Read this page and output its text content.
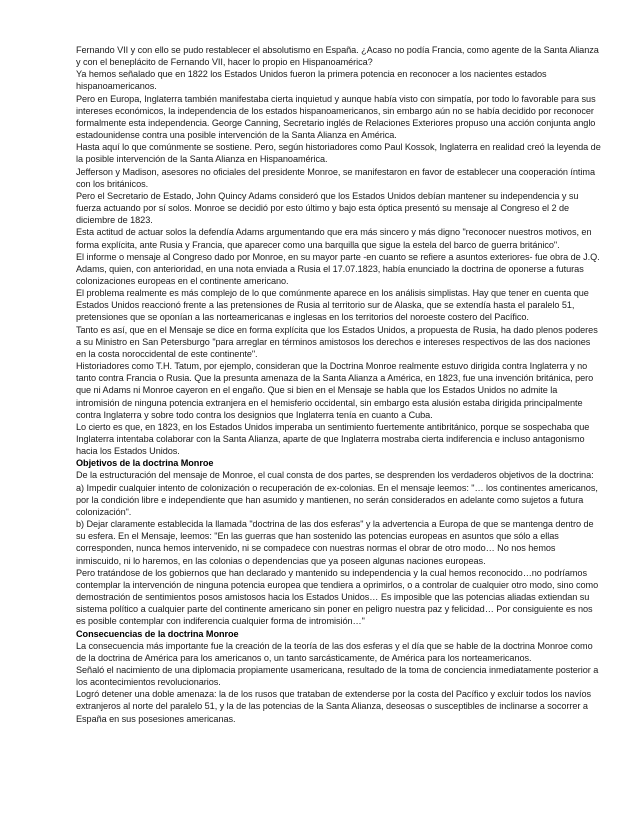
Fernando VII y con ello se pudo restablecer el absolutismo en España. ¿Acaso no podía Francia, como agente de la Santa Alianza y con el beneplácito de Fernando VII, hacer lo propio en Hispanoamérica?

Ya hemos señalado que en 1822 los Estados Unidos fueron la primera potencia en reconocer a los nacientes estados hispanoamericanos.

Pero en Europa, Inglaterra también manifestaba cierta inquietud y aunque había visto con simpatía, por todo lo favorable para sus intereses económicos, la independencia de los estados hispanoamericanos, sin embargo aún no se había decidido por reconocer formalmente esta independencia. George Canning, Secretario inglés de Relaciones Exteriores propuso una acción conjunta anglo estadounidense contra una posible intervención de la Santa Alianza en América.

Hasta aquí lo que comúnmente se sostiene. Pero, según historiadores como Paul Kossok, Inglaterra en realidad creó la leyenda de la posible intervención de la Santa Alianza en Hispanoamérica.

Jefferson y Madison, asesores no oficiales del presidente Monroe, se manifestaron en favor de establecer una cooperación íntima con los británicos.

Pero el Secretario de Estado, John Quincy Adams consideró que los Estados Unidos debían mantener su independencia y su fuerza actuando por sí solos. Monroe se decidió por esto último y bajo esta óptica presentó su mensaje al Congreso el 2 de diciembre de 1823.

Esta actitud de actuar solos la defendía Adams argumentando que era más sincero y más digno "reconocer nuestros motivos, en forma explícita, ante Rusia y Francia, que aparecer como una barquilla que sigue la estela del barco de guerra británico".

El informe o mensaje al Congreso dado por Monroe, en su mayor parte -en cuanto se refiere a asuntos exteriores- fue obra de J.Q. Adams, quien, con anterioridad, en una nota enviada a Rusia el 17.07.1823, había enunciado la doctrina de oponerse a futuras colonizaciones europeas en el continente americano.

El problema realmente es más complejo de lo que comúnmente aparece en los análisis simplistas. Hay que tener en cuenta que Estados Unidos reaccionó frente a las pretensiones de Rusia al territorio sur de Alaska, que se extendía hasta el paralelo 51, pretensiones que se oponían a las norteamericanas e inglesas en los territorios del noroeste costero del Pacífico.

Tanto es así, que en el Mensaje se dice en forma explícita que los Estados Unidos, a propuesta de Rusia, ha dado plenos poderes a su Ministro en San Petersburgo "para arreglar en términos amistosos los derechos e intereses respectivos de las dos naciones en la costa noroccidental de este continente".

Historiadores como T.H. Tatum, por ejemplo, consideran que la Doctrina Monroe realmente estuvo dirigida contra Inglaterra y no tanto contra Francia o Rusia. Que la presunta amenaza de la Santa Alianza a América, en 1823, fue una invención británica, pero que ni Adams ni Monroe cayeron en el engaño. Que si bien en el Mensaje se habla que los Estados Unidos no admite la intromisión de ninguna potencia extranjera en el hemisferio occidental, sin embargo esta alusión estaba dirigida principalmente contra Inglaterra y sobre todo contra los designios que Inglaterra tenía en cuanto a Cuba.

Lo cierto es que, en 1823, en los Estados Unidos imperaba un sentimiento fuertemente antibritánico, porque se sospechaba que Inglaterra intentaba colaborar con la Santa Alianza, aparte de que Inglaterra mostraba cierta indiferencia e incluso antagonismo hacia los Estados Unidos.

Objetivos de la doctrina Monroe

De la estructuración del mensaje de Monroe, el cual consta de dos partes, se desprenden los verdaderos objetivos de la doctrina:

a) Impedir cualquier intento de colonización o recuperación de ex-colonias. En el mensaje leemos: "… los continentes americanos, por la condición libre e independiente que han asumido y mantienen, no serán considerados en adelante como sujetos a futura colonización".

b) Dejar claramente establecida la llamada "doctrina de las dos esferas" y la advertencia a Europa de que se mantenga dentro de su esfera. En el Mensaje, leemos: "En las guerras que han sostenido las potencias europeas en asuntos que sólo a ellas corresponden, nunca hemos intervenido, ni se compadece con nuestras normas el obrar de otro modo… No nos hemos inmiscuido, ni lo haremos, en las colonias o dependencias que ya poseen algunas naciones europeas.

Pero tratándose de los gobiernos que han declarado y mantenido su independencia y la cual hemos reconocido…no podríamos contemplar la intervención de ninguna potencia europea que tendiera a oprimirlos, o a controlar de cualquier otro modo, sino como demostración de sentimientos posos amistosos hacia los Estados Unidos… Es imposible que las potencias aliadas extiendan su sistema político a cualquier parte del continente americano sin poner en peligro nuestra paz y felicidad… Por consiguiente es nos es posible contemplar con indiferencia cualquier forma de intromisión…"

Consecuencias de la doctrina Monroe

La consecuencia más importante fue la creación de la teoría de las dos esferas y el día que se hable de la doctrina Monroe como de la doctrina de América para los americanos o, un tanto sarcásticamente, de América para los norteamericanos.

Señaló el nacimiento de una diplomacia propiamente usamericana, resultado de la toma de conciencia inmediatamente posterior a los acontecimientos revolucionarios.

Logró detener una doble amenaza: la de los rusos que trataban de extenderse por la costa del Pacífico y excluir todos los navíos extranjeros al norte del paralelo 51, y la de las potencias de la Santa Alianza, deseosas o susceptibles de inclinarse a socorrer a España en sus posesiones americanas.
